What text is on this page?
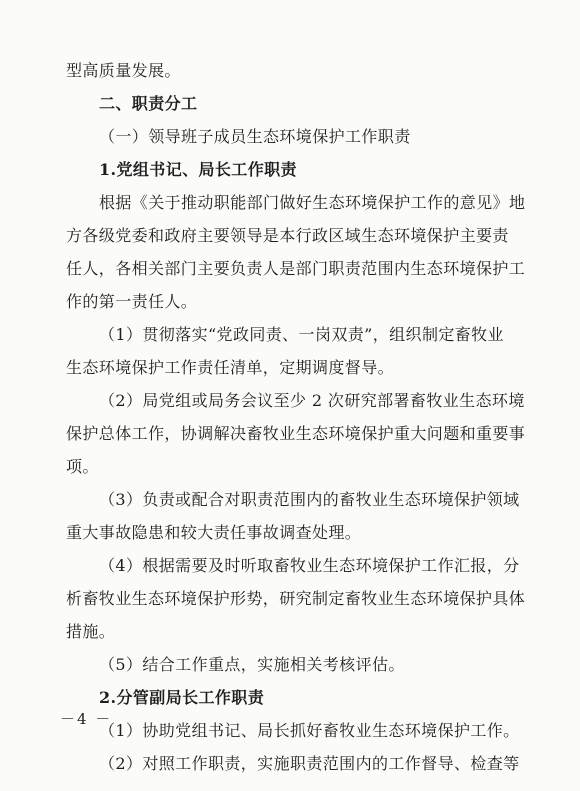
型高质量发展。
二、职责分工
（一）领导班子成员生态环境保护工作职责
1.党组书记、局长工作职责
根据《关于推动职能部门做好生态环境保护工作的意见》地
方各级党委和政府主要领导是本行政区域生态环境保护主要责
任人，各相关部门主要负责人是部门职责范围内生态环境保护工
作的第一责任人。
（1）贯彻落实“党政同责、一岗双责”，组织制定畜牧业
生态环境保护工作责任清单，定期调度督导。
（2）局党组或局务会议至少 2 次研究部署畜牧业生态环境
保护总体工作，协调解决畜牧业生态环境保护重大问题和重要事
项。
（3）负责或配合对职责范围内的畜牧业生态环境保护领域
重大事故隐患和较大责任事故调查处理。
（4）根据需要及时听取畜牧业生态环境保护工作汇报，分
析畜牧业生态环境保护形势，研究制定畜牧业生态环境保护具体
措施。
（5）结合工作重点，实施相关考核评估。
2.分管副局长工作职责
（1）协助党组书记、局长抓好畜牧业生态环境保护工作。
（2）对照工作职责，实施职责范围内的工作督导、检查等
－4 －
